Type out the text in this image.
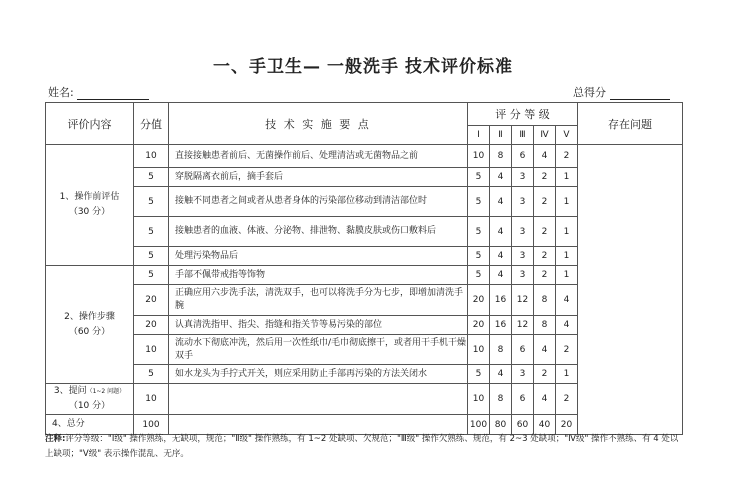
一、手卫生— 一般洗手 技术评价标准
姓名:	总得分
评价内容	分值	技 术 实 施 要 点	评 分 等 级					存在问题
			Ⅰ	Ⅱ	Ⅲ	Ⅳ	Ⅴ	

1、操作前评估
（30 分）	10	直接接触患者前后、无菌操作前后、处理清洁或无菌物品之前	10	8	6	4	2	
	5	穿脱隔离衣前后，摘手套后	5	4	3	2	1	
	5	接触不同患者之间或者从患者身体的污染部位移动到清洁部位时	5	4	3	2	1	
	5	接触患者的血液、体液、分泌物、排泄物、黏膜皮肤或伤口敷料后	5	4	3	2	1	
	5	处理污染物品后	5	4	3	2	1	

2、操作步骤
（60 分）	5	手部不佩带戒指等饰物	5	4	3	2	1	
	20	正确应用六步洗手法，清洗双手，也可以将洗手分为七步，即增加清洗手腕	20	16	12	8	4	
	20	认真清洗指甲、指尖、指缝和指关节等易污染的部位	20	16	12	8	4	
	10	流动水下彻底冲洗，然后用一次性纸巾/毛巾彻底擦干，或者用干手机干燥双手	10	8	6	4	2	
	5	如水龙头为手拧式开关，则应采用防止手部再污染的方法关闭水	5	4	3	2	1	

3、提问（1~2 问题）
（10 分）	10		10	8	6	4	2	
4、总分	100		100	80	60	40	20	
注释:评分等级："Ⅰ级" 操作熟练，无缺项，规范；"Ⅱ级" 操作熟练，有 1~2 处缺项、欠规范；"Ⅲ级" 操作欠熟练、规范，有 2~3 处缺项；"Ⅳ级" 操作不熟练、有 4 处以上缺项；"Ⅴ级" 表示操作混乱、无序。
